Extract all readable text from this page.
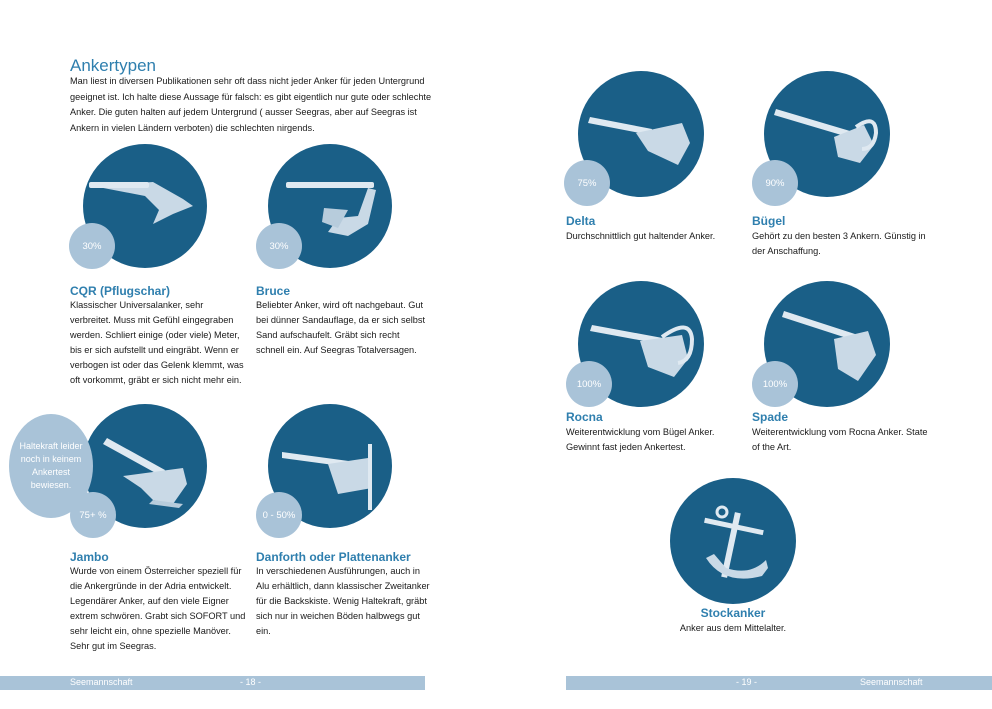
Ankertypen
Man liest in diversen Publikationen sehr oft dass nicht jeder Anker für jeden Untergrund geeignet ist. Ich halte diese Aussage für falsch: es gibt eigentlich nur gute oder schlechte Anker. Die guten halten auf jedem Untergrund ( ausser Seegras, aber auf Seegras ist Ankern in vielen Ländern verboten) die schlechten nirgends.
30%
CQR (Pflugschar)
Klassischer Universalanker, sehr verbreitet. Muss mit Gefühl eingegraben werden. Schliert einige (oder viele) Meter, bis er sich aufstellt und eingräbt. Wenn er verbogen ist oder das Gelenk klemmt, was oft vorkommt, gräbt er sich nicht mehr ein.
30%
Bruce
Beliebter Anker, wird oft nachgebaut. Gut bei dünner Sandauflage, da er sich selbst Sand aufschaufelt. Gräbt sich recht schnell ein. Auf Seegras Totalversagen.
Haltekraft leider noch in keinem Ankertest bewiesen.
75+ %
Jambo
Wurde von einem Österreicher speziell für die Ankergründe in der Adria entwickelt. Legendärer Anker, auf den viele Eigner extrem schwören. Grabt sich SOFORT und sehr leicht ein, ohne spezielle Manöver. Sehr gut im Seegras.
0 - 50%
Danforth oder Plattenanker
In verschiedenen Ausführungen, auch in Alu erhältlich, dann klassischer Zweitanker für die Backskiste. Wenig Haltekraft, gräbt sich nur in weichen Böden halbwegs gut ein.
Seemannschaft	- 18 -
75%
Delta
Durchschnittlich gut haltender Anker.
90%
Bügel
Gehört zu den besten 3 Ankern. Günstig in der Anschaffung.
100%
Rocna
Weiterentwicklung vom Bügel Anker. Gewinnt fast jeden Ankertest.
100%
Spade
Weiterentwicklung vom Rocna Anker. State of the Art.
Stockanker
Anker aus dem Mittelalter.
- 19 -	Seemannschaft
